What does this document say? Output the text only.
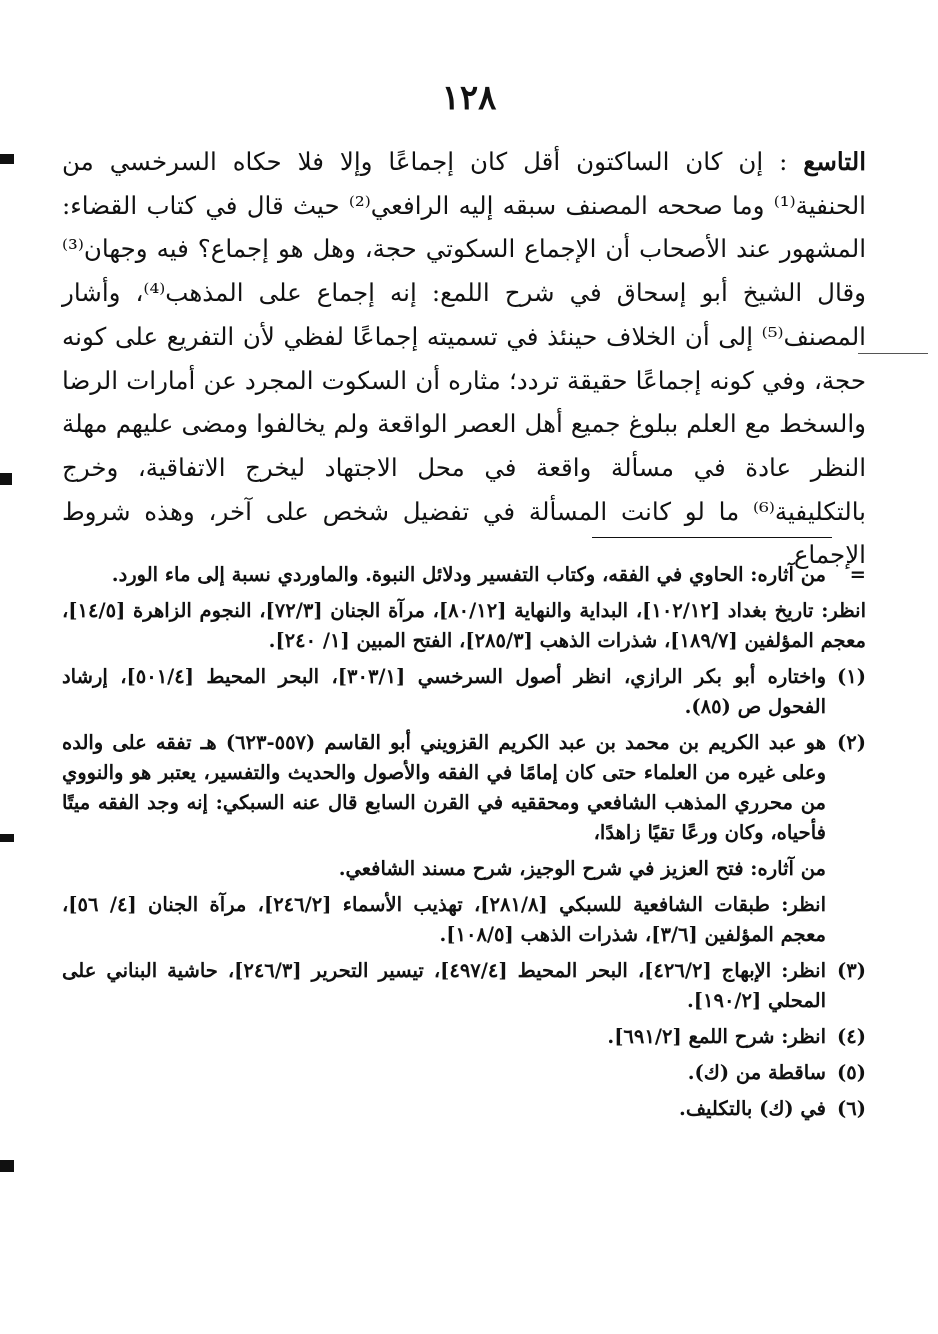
١٢٨
التاسع : إن كان الساكتون أقل كان إجماعًا وإلا فلا حكاه السرخسي من الحنفية⁽¹⁾ وما صححه المصنف سبقه إليه الرافعي⁽²⁾ حيث قال في كتاب القضاء: المشهور عند الأصحاب أن الإجماع السكوتي حجة، وهل هو إجماع؟ فيه وجهان⁽³⁾ وقال الشيخ أبو إسحاق في شرح اللمع: إنه إجماع على المذهب⁽⁴⁾، وأشار المصنف⁽⁵⁾ إلى أن الخلاف حينئذ في تسميته إجماعًا لفظي لأن التفريع على كونه حجة، وفي كونه إجماعًا حقيقة تردد؛ مثاره أن السكوت المجرد عن أمارات الرضا والسخط مع العلم ببلوغ جميع أهل العصر الواقعة ولم يخالفوا ومضى عليهم مهلة النظر عادة في مسألة واقعة في محل الاجتهاد ليخرج الاتفاقية، وخرج بالتكليفية⁽⁶⁾ ما لو كانت المسألة في تفضيل شخص على آخر، وهذه شروط الإجماع
=

من آثاره: الحاوي في الفقه، وكتاب التفسير ودلائل النبوة. والماوردي نسبة إلى ماء الورد.

انظر: تاريخ بغداد [١٠٢/١٢]، البداية والنهاية [٨٠/١٢]، مرآة الجنان [٧٢/٣]، النجوم الزاهرة [١٤/٥]، معجم المؤلفين [١٨٩/٧]، شذرات الذهب [٢٨٥/٣]، الفتح المبين [١/ ٢٤٠].

(١)

واختاره أبو بكر الرازي، انظر أصول السرخسي [٣٠٣/١]، البحر المحيط [٥٠١/٤]، إرشاد الفحول ص (٨٥).

(٢)

هو عبد الكريم بن محمد بن عبد الكريم القزويني أبو القاسم (٥٥٧-٦٢٣) هـ تفقه على والده وعلى غيره من العلماء حتى كان إمامًا في الفقه والأصول والحديث والتفسير، يعتبر هو والنووي من محرري المذهب الشافعي ومحققيه في القرن السابع قال عنه السبكي: إنه وجد الفقه ميتًا فأحياه، وكان ورعًا تقيًا زاهدًا،

من آثاره: فتح العزيز في شرح الوجيز، شرح مسند الشافعي.

انظر: طبقات الشافعية للسبكي [٢٨١/٨]، تهذيب الأسماء [٢٤٦/٢]، مرآة الجنان [٤/ ٥٦]، معجم المؤلفين [٣/٦]، شذرات الذهب [١٠٨/٥].

(٣)

انظر: الإبهاج [٤٢٦/٢]، البحر المحيط [٤٩٧/٤]، تيسير التحرير [٢٤٦/٣]، حاشية البناني على المحلي [١٩٠/٢].

(٤)

انظر: شرح اللمع [٦٩١/٢].

(٥)

ساقطة من (ك).

(٦)

في (ك) بالتكليف.
